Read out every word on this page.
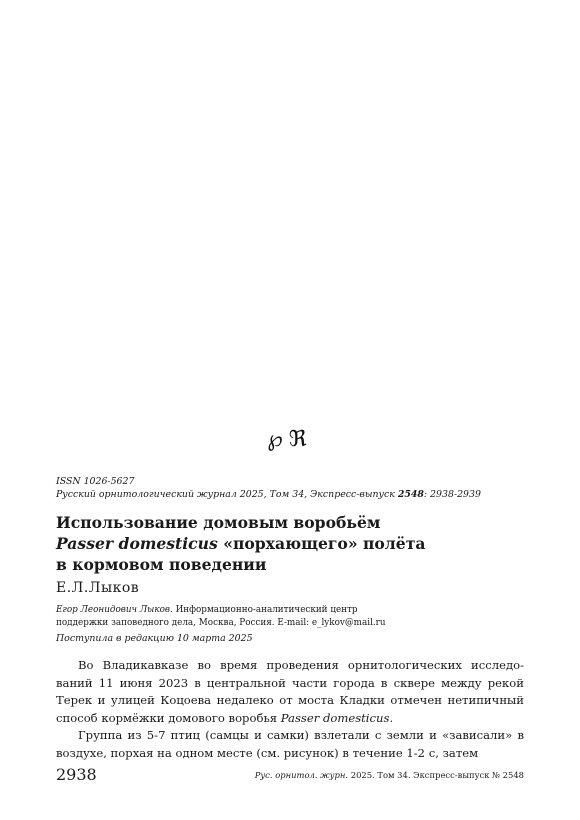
℘ℜ
ISSN 1026-5627
Русский орнитологический журнал 2025, Том 34, Экспресс-выпуск 2548: 2938-2939
Использование домовым воробьём
Passer domesticus «порхающего» полёта
в кормовом поведении
Е.Л.Лыков
Егор Леонидович Лыков. Информационно-аналитический центр
поддержки заповедного дела, Москва, Россия. E-mail: e_lykov@mail.ru
Поступила в редакцию 10 марта 2025

Во Владикавказе во время проведения орнитологических исследо- ваний 11 июня 2023 в центральной части города в сквере между рекой Терек и улицей Коцоева недалеко от моста Кладки отмечен нетипичный способ кормёжки домового воробья Passer domesticus.

Группа из 5-7 птиц (самцы и самки) взлетали с земли и «зависали» в воздухе, порхая на одном месте (см. рисунок) в течение 1-2 с, затем

2938	Рус. орнитол. журн. 2025. Том 34. Экспресс-выпуск № 2548
